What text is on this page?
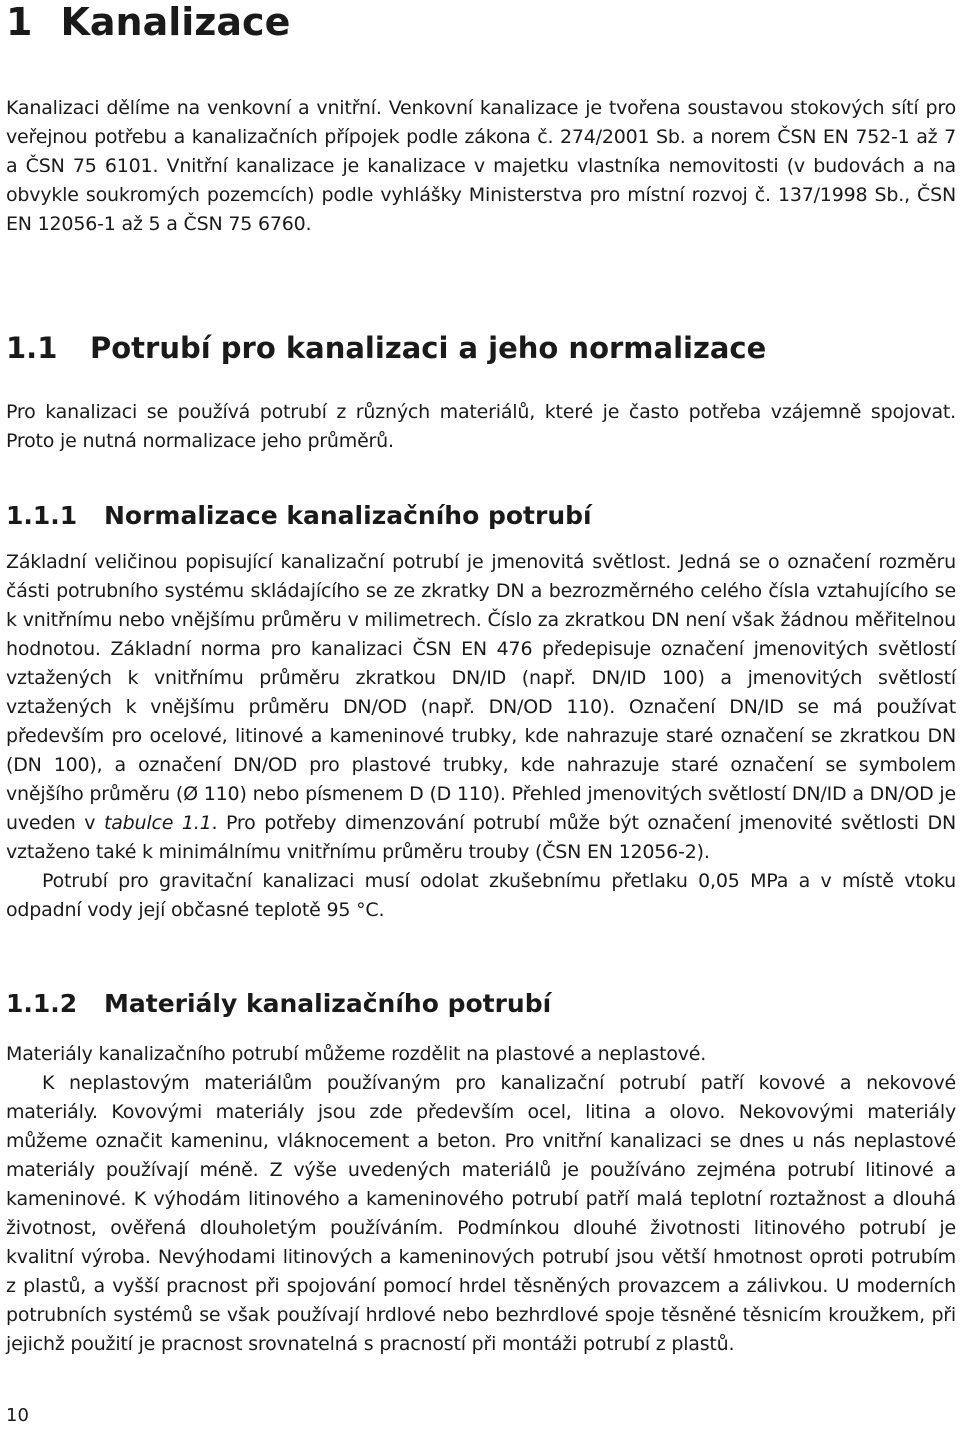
1 Kanalizace

Kanalizaci dělíme na venkovní a vnitřní. Venkovní kanalizace je tvořena soustavou stokových sítí pro veřejnou potřebu a kanalizačních přípojek podle zákona č. 274/2001 Sb. a norem ČSN EN 752-1 až 7 a ČSN 75 6101. Vnitřní kanalizace je kanalizace v majetku vlastníka nemovitosti (v budovách a na obvykle soukromých pozemcích) podle vyhlášky Ministerstva pro místní rozvoj č. 137/1998 Sb., ČSN EN 12056-1 až 5 a ČSN 75 6760.

1.1 Potrubí pro kanalizaci a jeho normalizace

Pro kanalizaci se používá potrubí z různých materiálů, které je často potřeba vzájemně spojovat. Proto je nutná normalizace jeho průměrů.

1.1.1 Normalizace kanalizačního potrubí

Základní veličinou popisující kanalizační potrubí je jmenovitá světlost. Jedná se o označení rozměru části potrubního systému skládajícího se ze zkratky DN a bezrozměrného celého čísla vztahujícího se k vnitřnímu nebo vnějšímu průměru v milimetrech. Číslo za zkratkou DN není však žádnou měřitelnou hodnotou. Základní norma pro kanalizaci ČSN EN 476 předepisuje označení jmenovitých světlostí vztažených k vnitřnímu průměru zkratkou DN/ID (např. DN/ID 100) a jmenovitých světlostí vztažených k vnějšímu průměru DN/OD (např. DN/OD 110). Označení DN/ID se má používat především pro ocelové, litinové a kameninové trubky, kde nahrazuje staré označení se zkratkou DN (DN 100), a označení DN/OD pro plastové trubky, kde nahrazuje staré označení se symbolem vnějšího průměru (Ø 110) nebo písmenem D (D 110). Přehled jmenovitých světlostí DN/ID a DN/OD je uveden v tabulce 1.1. Pro potřeby dimenzování potrubí může být označení jmenovité světlosti DN vztaženo také k minimálnímu vnitřnímu průměru trouby (ČSN EN 12056-2).
Potrubí pro gravitační kanalizaci musí odolat zkušebnímu přetlaku 0,05 MPa a v místě vtoku odpadní vody její občasné teplotě 95 °C.

1.1.2 Materiály kanalizačního potrubí

Materiály kanalizačního potrubí můžeme rozdělit na plastové a neplastové.
K neplastovým materiálům používaným pro kanalizační potrubí patří kovové a nekovové materiály. Kovovými materiály jsou zde především ocel, litina a olovo. Nekovovými materiály můžeme označit kameninu, vláknocement a beton. Pro vnitřní kanalizaci se dnes u nás neplastové materiály používají méně. Z výše uvedených materiálů je používáno zejména potrubí litinové a kameninové. K výhodám litinového a kameninového potrubí patří malá teplotní roztažnost a dlouhá životnost, ověřená dlouholetým používáním. Podmínkou dlouhé životnosti litinového potrubí je kvalitní výroba. Nevýhodami litinových a kameninových potrubí jsou větší hmotnost oproti potrubím z plastů, a vyšší pracnost při spojování pomocí hrdel těsněných provazcem a zálivkou. U moderních potrubních systémů se však používají hrdlové nebo bezhrdlové spoje těsněné těsnicím kroužkem, při jejichž použití je pracnost srovnatelná s pracností při montáži potrubí z plastů.

10
